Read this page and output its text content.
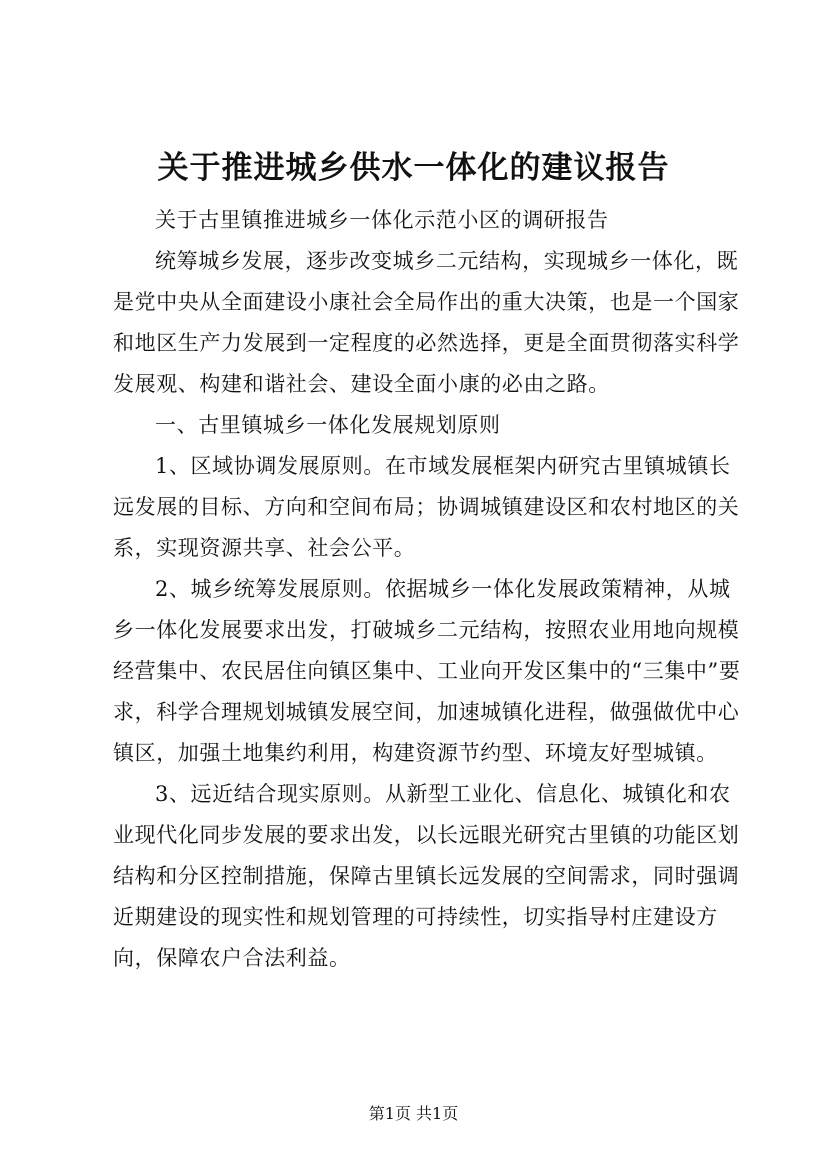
关于推进城乡供水一体化的建议报告

关于古里镇推进城乡一体化示范小区的调研报告

统筹城乡发展，逐步改变城乡二元结构，实现城乡一体化，既是党中央从全面建设小康社会全局作出的重大决策，也是一个国家和地区生产力发展到一定程度的必然选择，更是全面贯彻落实科学发展观、构建和谐社会、建设全面小康的必由之路。

一、古里镇城乡一体化发展规划原则

1、区域协调发展原则。在市域发展框架内研究古里镇城镇长远发展的目标、方向和空间布局；协调城镇建设区和农村地区的关系，实现资源共享、社会公平。

2、城乡统筹发展原则。依据城乡一体化发展政策精神，从城乡一体化发展要求出发，打破城乡二元结构，按照农业用地向规模经营集中、农民居住向镇区集中、工业向开发区集中的“三集中”要求，科学合理规划城镇发展空间，加速城镇化进程，做强做优中心镇区，加强土地集约利用，构建资源节约型、环境友好型城镇。

3、远近结合现实原则。从新型工业化、信息化、城镇化和农业现代化同步发展的要求出发，以长远眼光研究古里镇的功能区划结构和分区控制措施，保障古里镇长远发展的空间需求，同时强调近期建设的现实性和规划管理的可持续性，切实指导村庄建设方向，保障农户合法利益。

第1页 共1页
